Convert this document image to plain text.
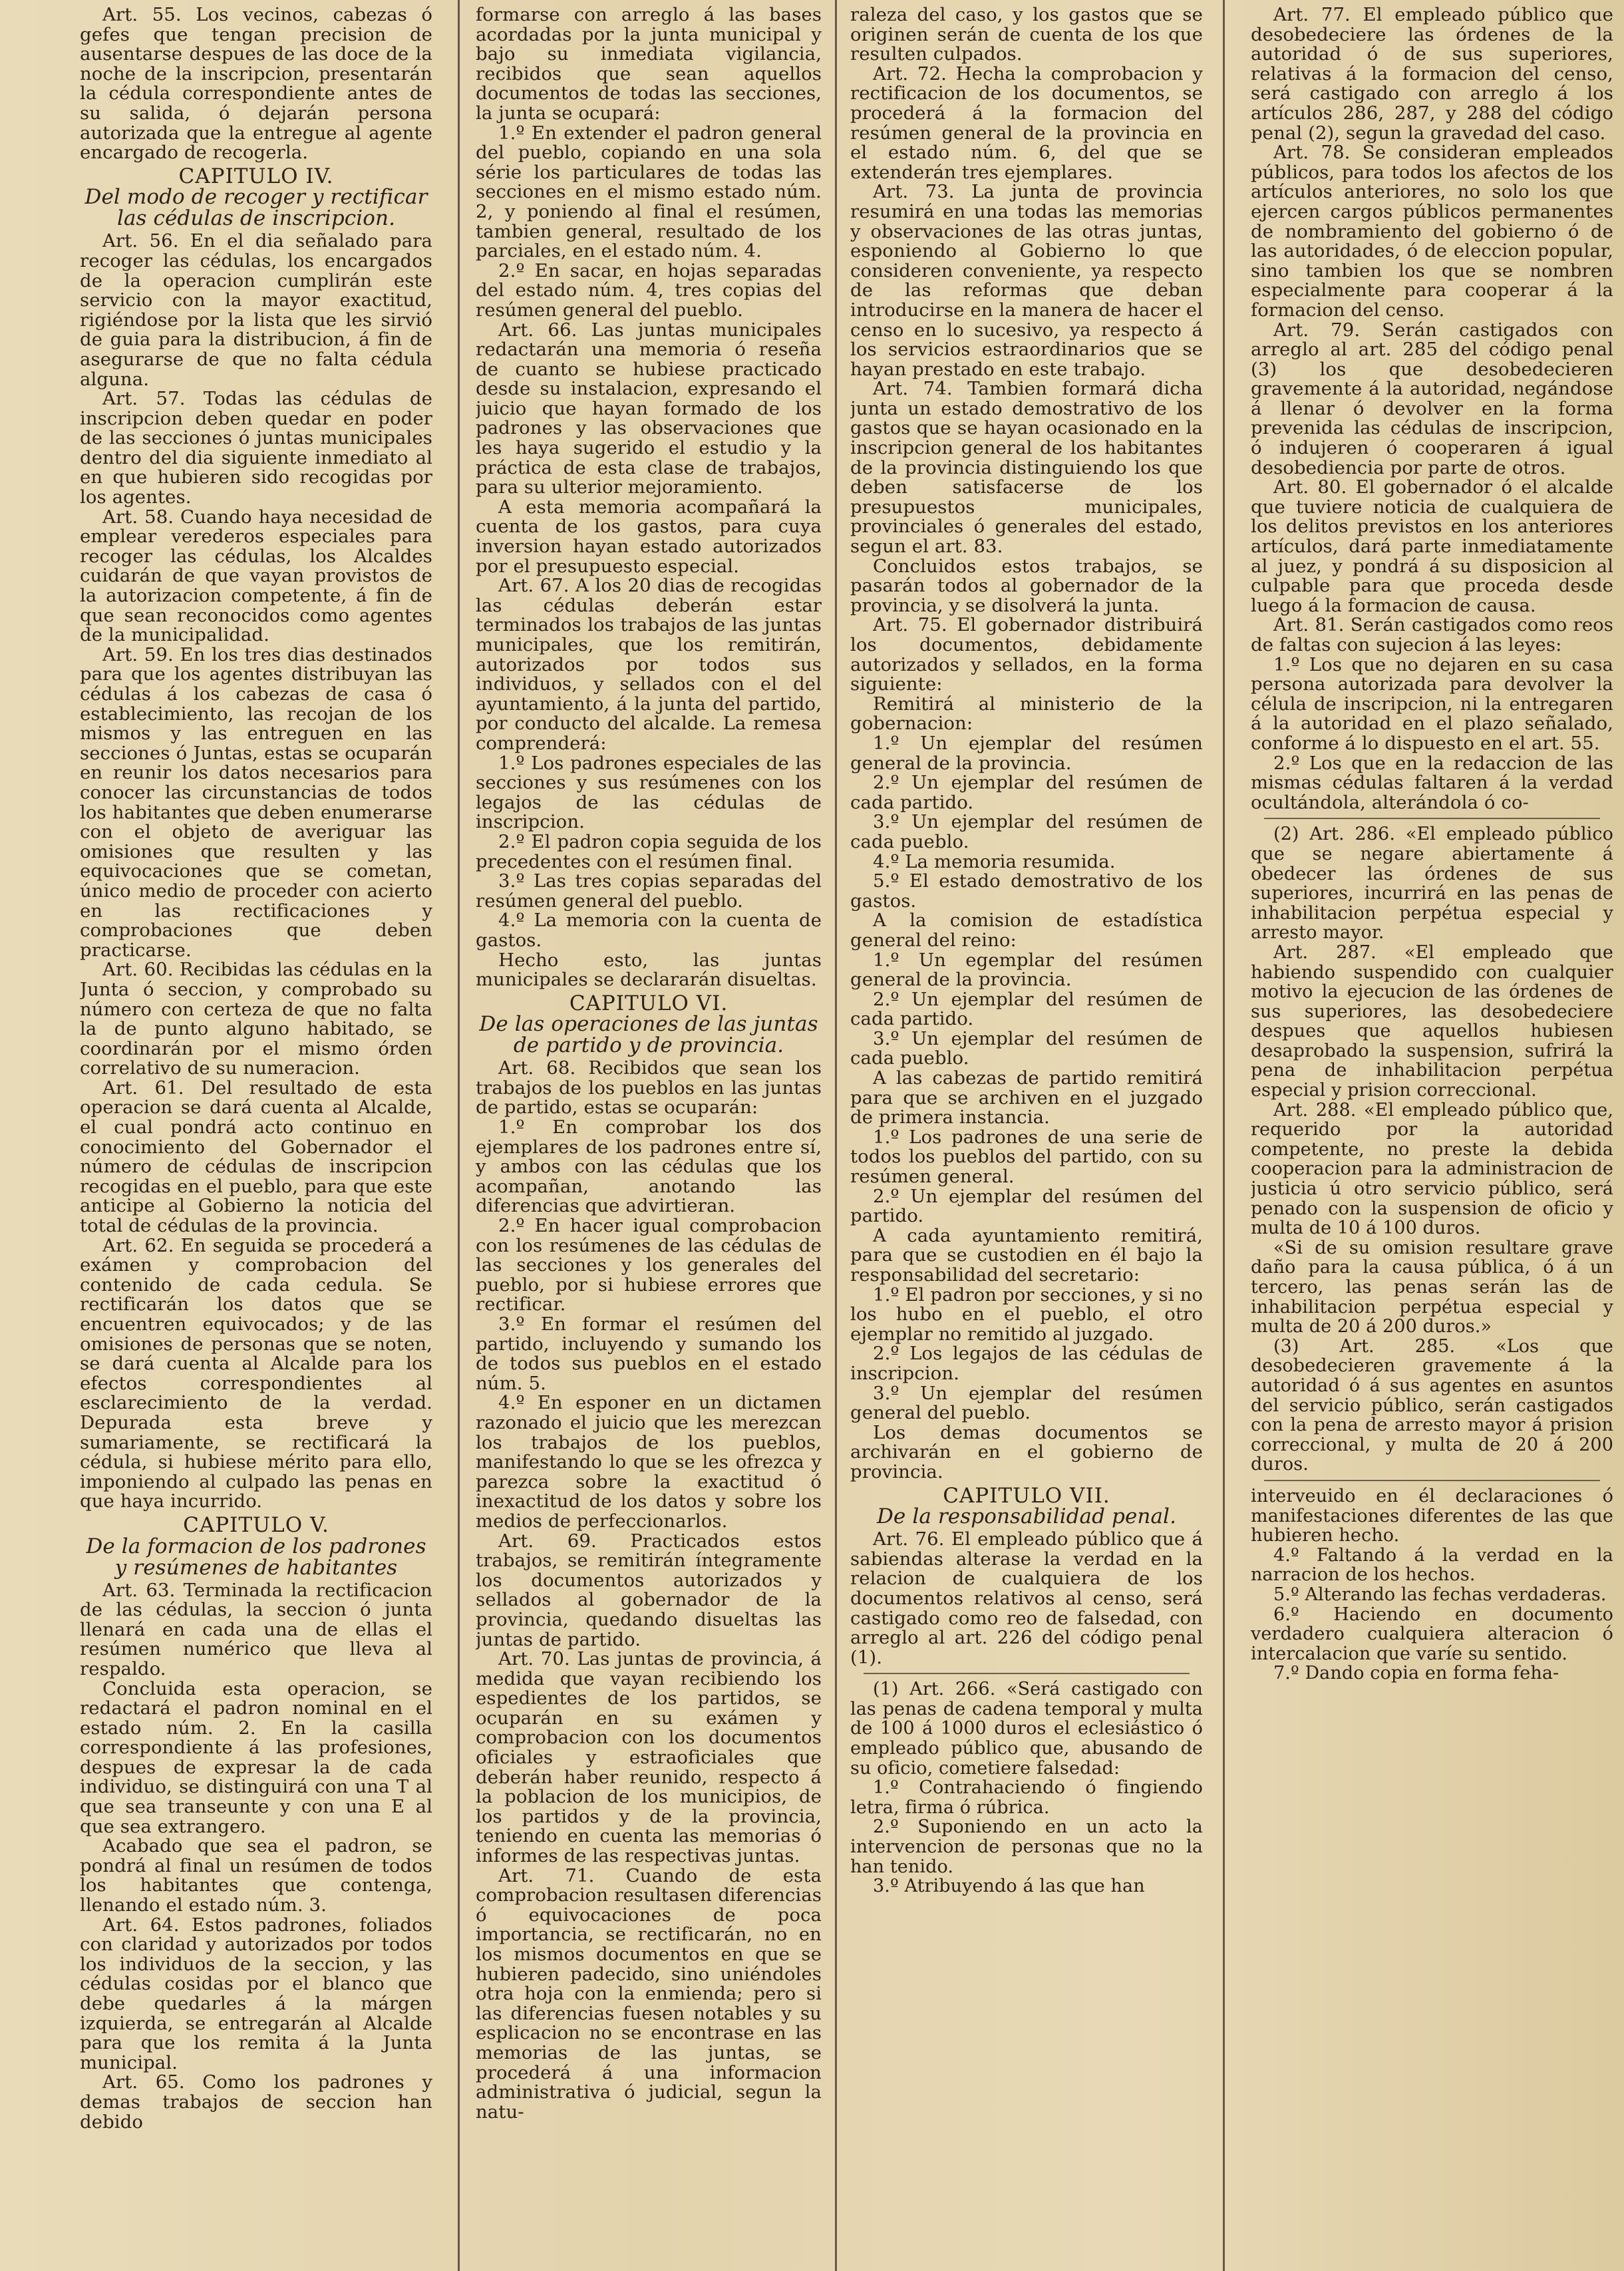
Art. 55. Los vecinos, cabezas ó gefes que tengan precision de ausentarse despues de las doce de la noche de la inscripcion, presentarán la cédula correspondiente antes de su salida, ó dejarán persona autorizada que la entregue al agente encargado de recogerla.

CAPITULO IV.

Del modo de recoger y rectificar las cédulas de inscripcion.

Art. 56. En el dia señalado para recoger las cédulas, los encargados de la operacion cumplirán este servicio con la mayor exactitud, rigiéndose por la lista que les sirvió de guia para la distribucion, á fin de asegurarse de que no falta cédula alguna.

Art. 57. Todas las cédulas de inscripcion deben quedar en poder de las secciones ó juntas municipales dentro del dia siguiente inmediato al en que hubieren sido recogidas por los agentes.

Art. 58. Cuando haya necesidad de emplear verederos especiales para recoger las cédulas, los Alcaldes cuidarán de que vayan provistos de la autorizacion competente, á fin de que sean reconocidos como agentes de la municipalidad.

Art. 59. En los tres dias destinados para que los agentes distribuyan las cédulas á los cabezas de casa ó establecimiento, las recojan de los mismos y las entreguen en las secciones ó Juntas, estas se ocuparán en reunir los datos necesarios para conocer las circunstancias de todos los habitantes que deben enumerarse con el objeto de averiguar las omisiones que resulten y las equivocaciones que se cometan, único medio de proceder con acierto en las rectificaciones y comprobaciones que deben practicarse.

Art. 60. Recibidas las cédulas en la Junta ó seccion, y comprobado su número con certeza de que no falta la de punto alguno habitado, se coordinarán por el mismo órden correlativo de su numeracion.

Art. 61. Del resultado de esta operacion se dará cuenta al Alcalde, el cual pondrá acto continuo en conocimiento del Gobernador el número de cédulas de inscripcion recogidas en el pueblo, para que este anticipe al Gobierno la noticia del total de cédulas de la provincia.

Art. 62. En seguida se procederá a exámen y comprobacion del contenido de cada cedula. Se rectificarán los datos que se encuentren equivocados; y de las omisiones de personas que se noten, se dará cuenta al Alcalde para los efectos correspondientes al esclarecimiento de la verdad. Depurada esta breve y sumariamente, se rectificará la cédula, si hubiese mérito para ello, imponiendo al culpado las penas en que haya incurrido.

CAPITULO V.

De la formacion de los padrones y resúmenes de habitantes

Art. 63. Terminada la rectificacion de las cédulas, la seccion ó junta llenará en cada una de ellas el resúmen numérico que lleva al respaldo.

Concluida esta operacion, se redactará el padron nominal en el estado núm. 2. En la casilla correspondiente á las profesiones, despues de expresar la de cada individuo, se distinguirá con una T al que sea transeunte y con una E al que sea extrangero.

Acabado que sea el padron, se pondrá al final un resúmen de todos los habitantes que contenga, llenando el estado núm. 3.

Art. 64. Estos padrones, foliados con claridad y autorizados por todos los individuos de la seccion, y las cédulas cosidas por el blanco que debe quedarles á la márgen izquierda, se entregarán al Alcalde para que los remita á la Junta municipal.

Art. 65. Como los padrones y demas trabajos de seccion han debido

formarse con arreglo á las bases acordadas por la junta municipal y bajo su inmediata vigilancia, recibidos que sean aquellos documentos de todas las secciones, la junta se ocupará:

1.º En extender el padron general del pueblo, copiando en una sola série los particulares de todas las secciones en el mismo estado núm. 2, y poniendo al final el resúmen, tambien general, resultado de los parciales, en el estado núm. 4.

2.º En sacar, en hojas separadas del estado núm. 4, tres copias del resúmen general del pueblo.

Art. 66. Las juntas municipales redactarán una memoria ó reseña de cuanto se hubiese practicado desde su instalacion, expresando el juicio que hayan formado de los padrones y las observaciones que les haya sugerido el estudio y la práctica de esta clase de trabajos, para su ulterior mejoramiento.

A esta memoria acompañará la cuenta de los gastos, para cuya inversion hayan estado autorizados por el presupuesto especial.

Art. 67. A los 20 dias de recogidas las cédulas deberán estar terminados los trabajos de las juntas municipales, que los remitirán, autorizados por todos sus individuos, y sellados con el del ayuntamiento, á la junta del partido, por conducto del alcalde. La remesa comprenderá:

1.º Los padrones especiales de las secciones y sus resúmenes con los legajos de las cédulas de inscripcion.

2.º El padron copia seguida de los precedentes con el resúmen final.

3.º Las tres copias separadas del resúmen general del pueblo.

4.º La memoria con la cuenta de gastos.

Hecho esto, las juntas municipales se declararán disueltas.

CAPITULO VI.

De las operaciones de las juntas de partido y de provincia.

Art. 68. Recibidos que sean los trabajos de los pueblos en las juntas de partido, estas se ocuparán:

1.º En comprobar los dos ejemplares de los padrones entre sí, y ambos con las cédulas que los acompañan, anotando las diferencias que advirtieran.

2.º En hacer igual comprobacion con los resúmenes de las cédulas de las secciones y los generales del pueblo, por si hubiese errores que rectificar.

3.º En formar el resúmen del partido, incluyendo y sumando los de todos sus pueblos en el estado núm. 5.

4.º En esponer en un dictamen razonado el juicio que les merezcan los trabajos de los pueblos, manifestando lo que se les ofrezca y parezca sobre la exactitud ó inexactitud de los datos y sobre los medios de perfeccionarlos.

Art. 69. Practicados estos trabajos, se remitirán íntegramente los documentos autorizados y sellados al gobernador de la provincia, quedando disueltas las juntas de partido.

Art. 70. Las juntas de provincia, á medida que vayan recibiendo los espedientes de los partidos, se ocuparán en su exámen y comprobacion con los documentos oficiales y estraoficiales que deberán haber reunido, respecto á la poblacion de los municipios, de los partidos y de la provincia, teniendo en cuenta las memorias ó informes de las respectivas juntas.

Art. 71. Cuando de esta comprobacion resultasen diferencias ó equivocaciones de poca importancia, se rectificarán, no en los mismos documentos en que se hubieren padecido, sino uniéndoles otra hoja con la enmienda; pero si las diferencias fuesen notables y su esplicacion no se encontrase en las memorias de las juntas, se procederá á una informacion administrativa ó judicial, segun la natu-

raleza del caso, y los gastos que se originen serán de cuenta de los que resulten culpados.

Art. 72. Hecha la comprobacion y rectificacion de los documentos, se procederá á la formacion del resúmen general de la provincia en el estado núm. 6, del que se extenderán tres ejemplares.

Art. 73. La junta de provincia resumirá en una todas las memorias y observaciones de las otras juntas, esponiendo al Gobierno lo que consideren conveniente, ya respecto de las reformas que deban introducirse en la manera de hacer el censo en lo sucesivo, ya respecto á los servicios estraordinarios que se hayan prestado en este trabajo.

Art. 74. Tambien formará dicha junta un estado demostrativo de los gastos que se hayan ocasionado en la inscripcion general de los habitantes de la provincia distinguiendo los que deben satisfacerse de los presupuestos municipales, provinciales ó generales del estado, segun el art. 83.

Concluidos estos trabajos, se pasarán todos al gobernador de la provincia, y se disolverá la junta.

Art. 75. El gobernador distribuirá los documentos, debidamente autorizados y sellados, en la forma siguiente:

Remitirá al ministerio de la gobernacion:

1.º Un ejemplar del resúmen general de la provincia.

2.º Un ejemplar del resúmen de cada partido.

3.º Un ejemplar del resúmen de cada pueblo.

4.º La memoria resumida.

5.º El estado demostrativo de los gastos.

A la comision de estadística general del reino:

1.º Un egemplar del resúmen general de la provincia.

2.º Un ejemplar del resúmen de cada partido.

3.º Un ejemplar del resúmen de cada pueblo.

A las cabezas de partido remitirá para que se archiven en el juzgado de primera instancia.

1.º Los padrones de una serie de todos los pueblos del partido, con su resúmen general.

2.º Un ejemplar del resúmen del partido.

A cada ayuntamiento remitirá, para que se custodien en él bajo la responsabilidad del secretario:

1.º El padron por secciones, y si no los hubo en el pueblo, el otro ejemplar no remitido al juzgado.

2.º Los legajos de las cédulas de inscripcion.

3.º Un ejemplar del resúmen general del pueblo.

Los demas documentos se archivarán en el gobierno de provincia.

CAPITULO VII.

De la responsabilidad penal.

Art. 76. El empleado público que á sabiendas alterase la verdad en la relacion de cualquiera de los documentos relativos al censo, será castigado como reo de falsedad, con arreglo al art. 226 del código penal (1).

(1) Art. 266. «Será castigado con las penas de cadena temporal y multa de 100 á 1000 duros el eclesiástico ó empleado público que, abusando de su oficio, cometiere falsedad:

1.º Contrahaciendo ó fingiendo letra, firma ó rúbrica.

2.º Suponiendo en un acto la intervencion de personas que no la han tenido.

3.º Atribuyendo á las que han

Art. 77. El empleado público que desobedeciere las órdenes de la autoridad ó de sus superiores, relativas á la formacion del censo, será castigado con arreglo á los artículos 286, 287, y 288 del código penal (2), segun la gravedad del caso.

Art. 78. Se consideran empleados públicos, para todos los afectos de los artículos anteriores, no solo los que ejercen cargos públicos permanentes de nombramiento del gobierno ó de las autoridades, ó de eleccion popular, sino tambien los que se nombren especialmente para cooperar á la formacion del censo.

Art. 79. Serán castigados con arreglo al art. 285 del código penal (3) los que desobedecieren gravemente á la autoridad, negándose á llenar ó devolver en la forma prevenida las cédulas de inscripcion, ó indujeren ó cooperaren á igual desobediencia por parte de otros.

Art. 80. El gobernador ó el alcalde que tuviere noticia de cualquiera de los delitos previstos en los anteriores artículos, dará parte inmediatamente al juez, y pondrá á su disposicion al culpable para que proceda desde luego á la formacion de causa.

Art. 81. Serán castigados como reos de faltas con sujecion á las leyes:

1.º Los que no dejaren en su casa persona autorizada para devolver la célula de inscripcion, ni la entregaren á la autoridad en el plazo señalado, conforme á lo dispuesto en el art. 55.

2.º Los que en la redaccion de las mismas cédulas faltaren á la verdad ocultándola, alterándola ó co-

(2) Art. 286. «El empleado público que se negare abiertamente á obedecer las órdenes de sus superiores, incurrirá en las penas de inhabilitacion perpétua especial y arresto mayor.

Art. 287. «El empleado que habiendo suspendido con cualquier motivo la ejecucion de las órdenes de sus superiores, las desobedeciere despues que aquellos hubiesen desaprobado la suspension, sufrirá la pena de inhabilitacion perpétua especial y prision correccional.

Art. 288. «El empleado público que, requerido por la autoridad competente, no preste la debida cooperacion para la administracion de justicia ú otro servicio público, será penado con la suspension de oficio y multa de 10 á 100 duros.

«Si de su omision resultare grave daño para la causa pública, ó á un tercero, las penas serán las de inhabilitacion perpétua especial y multa de 20 á 200 duros.»

(3) Art. 285. «Los que desobedecieren gravemente á la autoridad ó á sus agentes en asuntos del servicio público, serán castigados con la pena de arresto mayor á prision correccional, y multa de 20 á 200 duros.

interveuido en él declaraciones ó manifestaciones diferentes de las que hubieren hecho.

4.º Faltando á la verdad en la narracion de los hechos.

5.º Alterando las fechas verdaderas.

6.º Haciendo en documento verdadero cualquiera alteracion ó intercalacion que varíe su sentido.

7.º Dando copia en forma feha-
